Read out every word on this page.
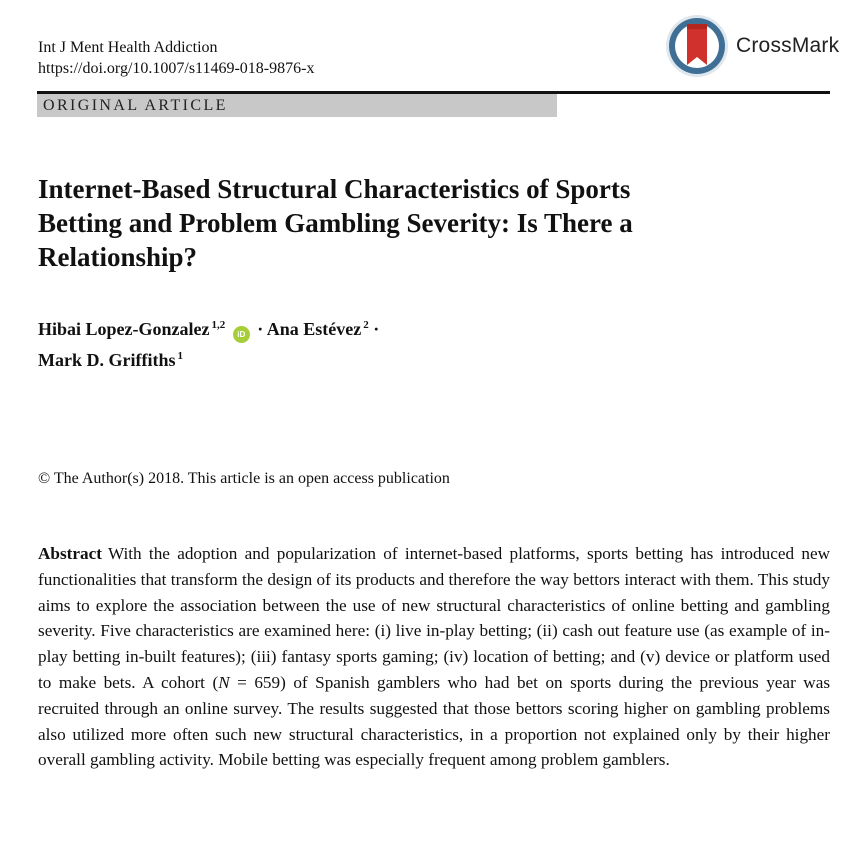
Int J Ment Health Addiction
https://doi.org/10.1007/s11469-018-9876-x
CrossMark
ORIGINAL ARTICLE
Internet-Based Structural Characteristics of Sports Betting and Problem Gambling Severity: Is There a Relationship?
Hibai Lopez-Gonzalez $^{1,2}$ iD · Ana Estévez $^2$ ·
Mark D. Griffiths $^1$
© The Author(s) 2018. This article is an open access publication

Abstract With the adoption and popularization of internet-based platforms, sports betting has introduced new functionalities that transform the design of its products and therefore the way bettors interact with them. This study aims to explore the association between the use of new structural characteristics of online betting and gambling severity. Five characteristics are examined here: (i) live in-play betting; (ii) cash out feature use (as example of in-play betting in-built features); (iii) fantasy sports gaming; (iv) location of betting; and (v) device or platform used to make bets. A cohort (N = 659) of Spanish gamblers who had bet on sports during the previous year was recruited through an online survey. The results suggested that those bettors scoring higher on gambling problems also utilized more often such new structural characteristics, in a proportion not explained only by their higher overall gambling activity. Mobile betting was especially frequent among problem gamblers.
